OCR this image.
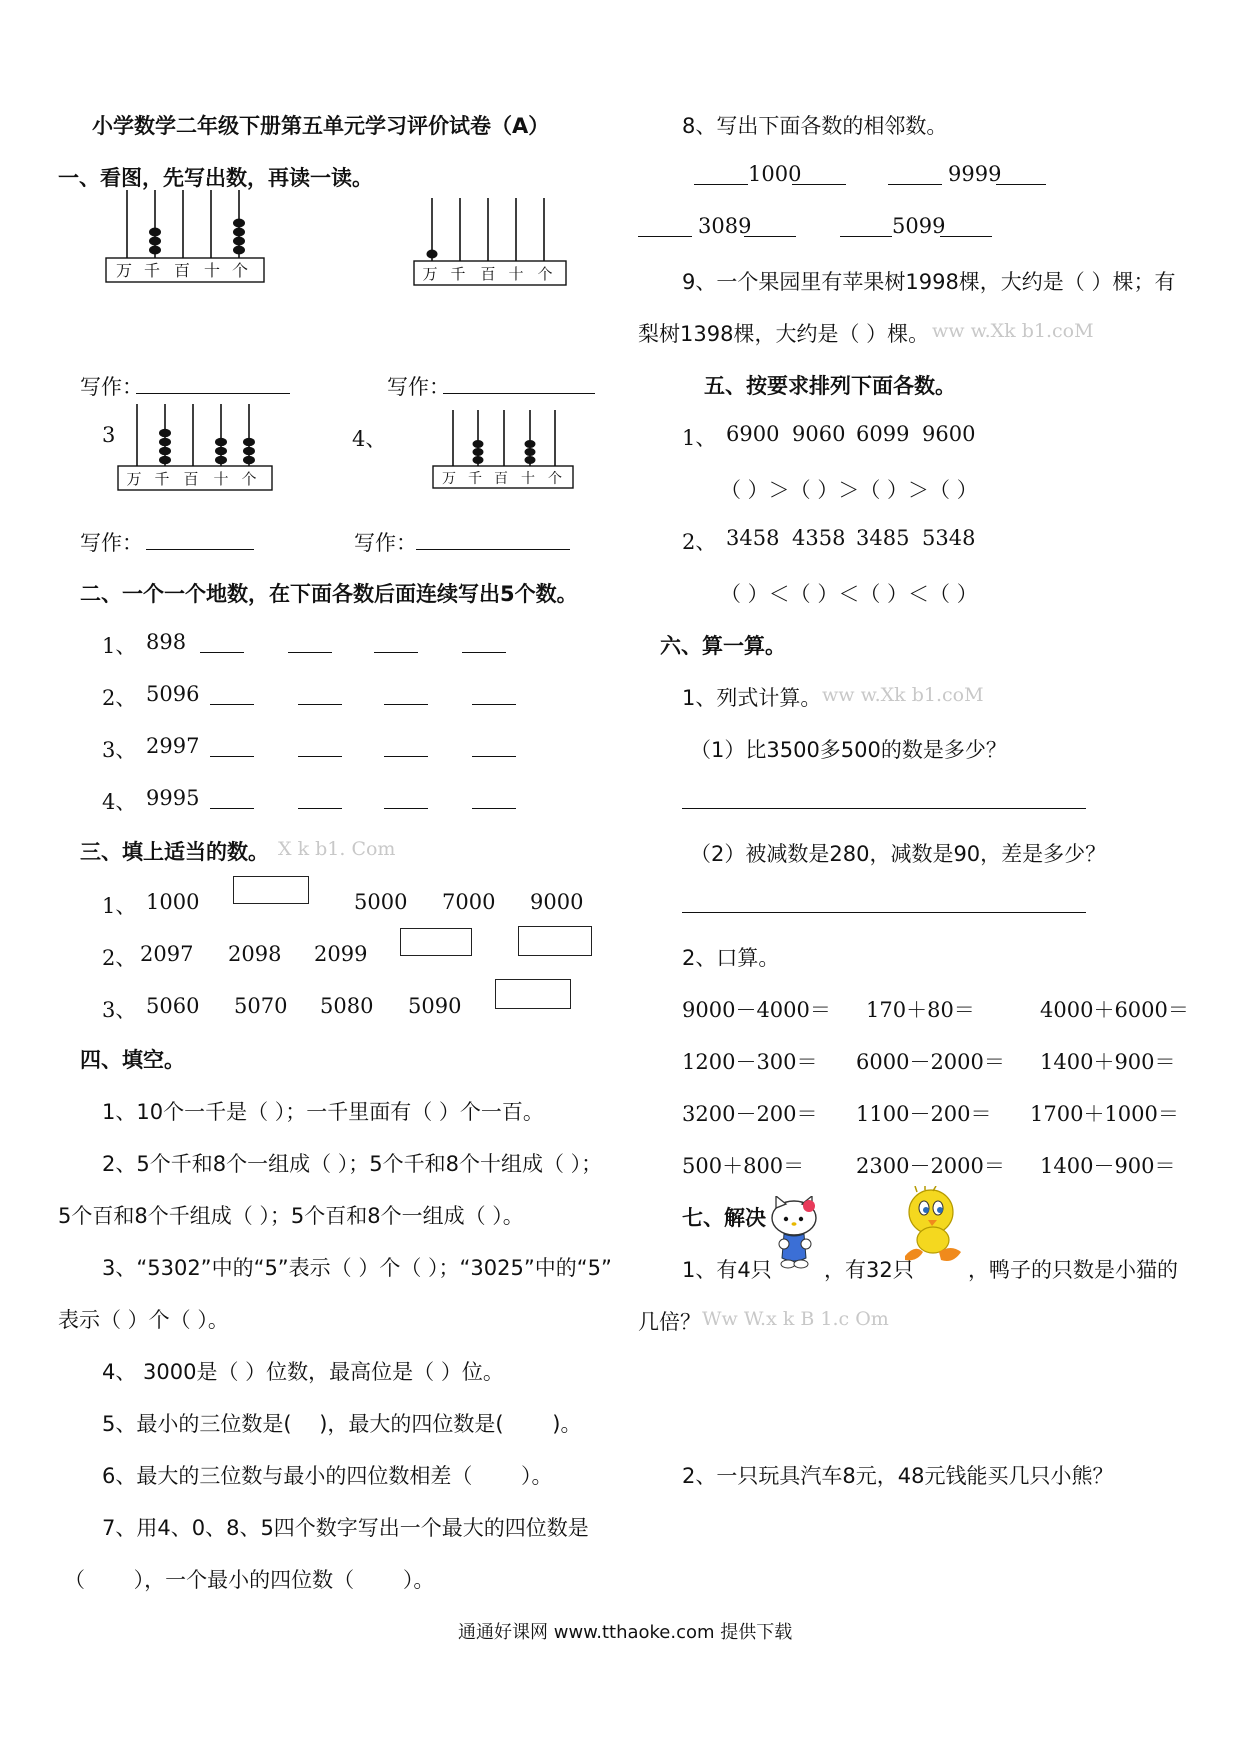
小学数学二年级下册第五单元学习评价试卷（A）
一、看图，先写出数，再读一读。
万 千 百 十 个	万 千 百 十 个
写作：	写作：
3
万 千 百 十 个
4、
万 千 百 十 个
写作：	写作：
二、一个一个地数，在下面各数后面连续写出5个数。
1、 898
2、 5096
3、 2997
4、 9995
三、填上适当的数。 X k b1. Com
1、 1000	5000 7000 9000
2、 2097 2098 2099
3、 5060 5070 5080 5090
四、填空。
1、10个一千是（ ）；一千里面有（ ）个一百。
2、5个千和8个一组成（ ）；5个千和8个十组成（ ）；
5个百和8个千组成（ ）；5个百和8个一组成（ ）。
3、“5302”中的“5”表示（ ）个（ ）；“3025”中的“5”
表示（ ）个（ ）。
4、 3000是（ ）位数，最高位是（ ）位。
5、最小的三位数是(　 )，最大的四位数是(　　 )。
6、最大的三位数与最小的四位数相差（　　 ）。
7、用4、0、8、5四个数字写出一个最大的四位数是
（　　 ），一个最小的四位数（　　 ）。
8、写出下面各数的相邻数。
1000	9999
3089	5099
9、一个果园里有苹果树1998棵，大约是（ ）棵；有
梨树1398棵，大约是（ ）棵。 ww w.Xk b1.coM
五、按要求排列下面各数。
1、 6900 9060 6099 9600
（ ）＞（ ）＞（ ）＞（ ）
2、 3458 4358 3485 5348
（ ）＜（ ）＜（ ）＜（ ）
六、算一算。
1、列式计算。 ww w.Xk b1.coM
（1）比3500多500的数是多少？
（2）被减数是280，减数是90，差是多少？
2、口算。
9000－4000＝ 170＋80＝	4000＋6000＝
1200－300＝ 6000－2000＝ 1400＋900＝
3200－200＝ 1100－200＝ 1700＋1000＝
500＋800＝ 2300－2000＝ 1400－900＝
七、解决
1、有4只 ，有32只	，鸭子的只数是小猫的
几倍？ Ww W.x k B 1.c Om
2、一只玩具汽车8元，48元钱能买几只小熊？
通通好课网 www.tthaoke.com 提供下载
